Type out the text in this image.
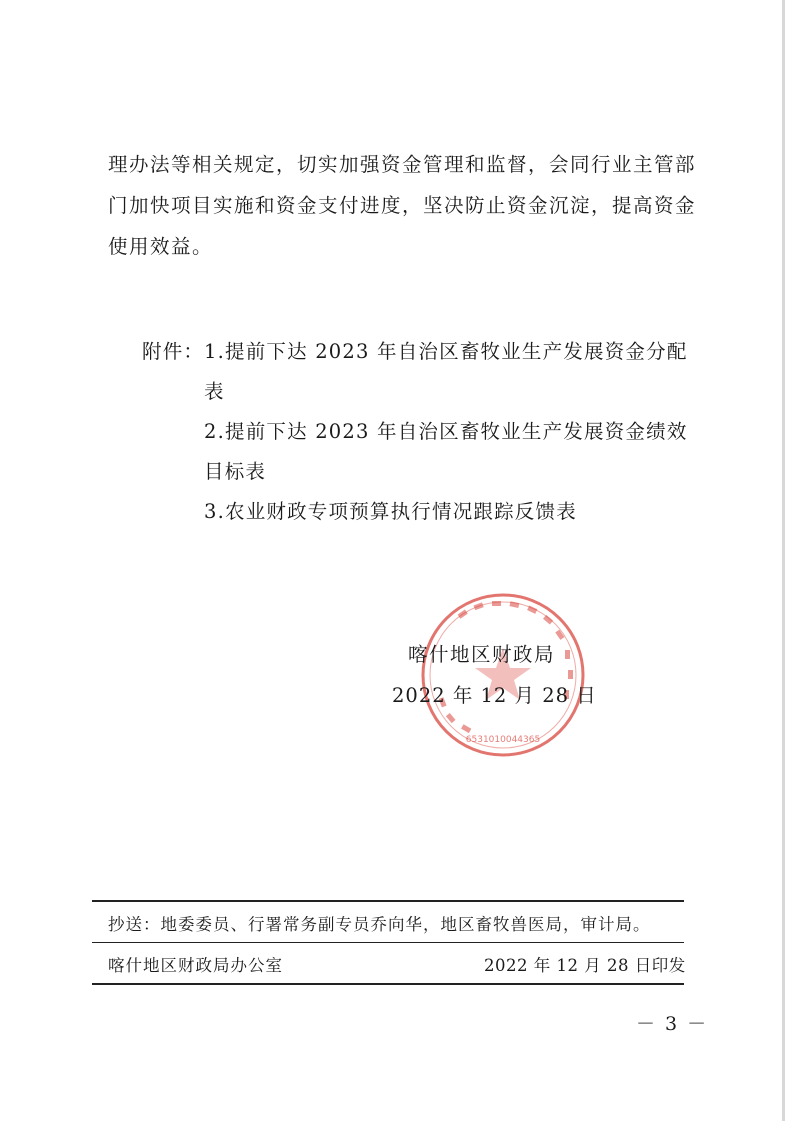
理办法等相关规定，切实加强资金管理和监督，会同行业主管部
门加快项目实施和资金支付进度，坚决防止资金沉淀，提高资金
使用效益。
附件： 1.提前下达 2023 年自治区畜牧业生产发展资金分配
表
2.提前下达 2023 年自治区畜牧业生产发展资金绩效
目标表
3.农业财政专项预算执行情况跟踪反馈表
6531010044365
喀什地区财政局
2022 年 12 月 28 日
抄送：地委委员、行署常务副专员乔向华，地区畜牧兽医局，审计局。
喀什地区财政局办公室	2022 年 12 月 28 日印发
－ 3 －
